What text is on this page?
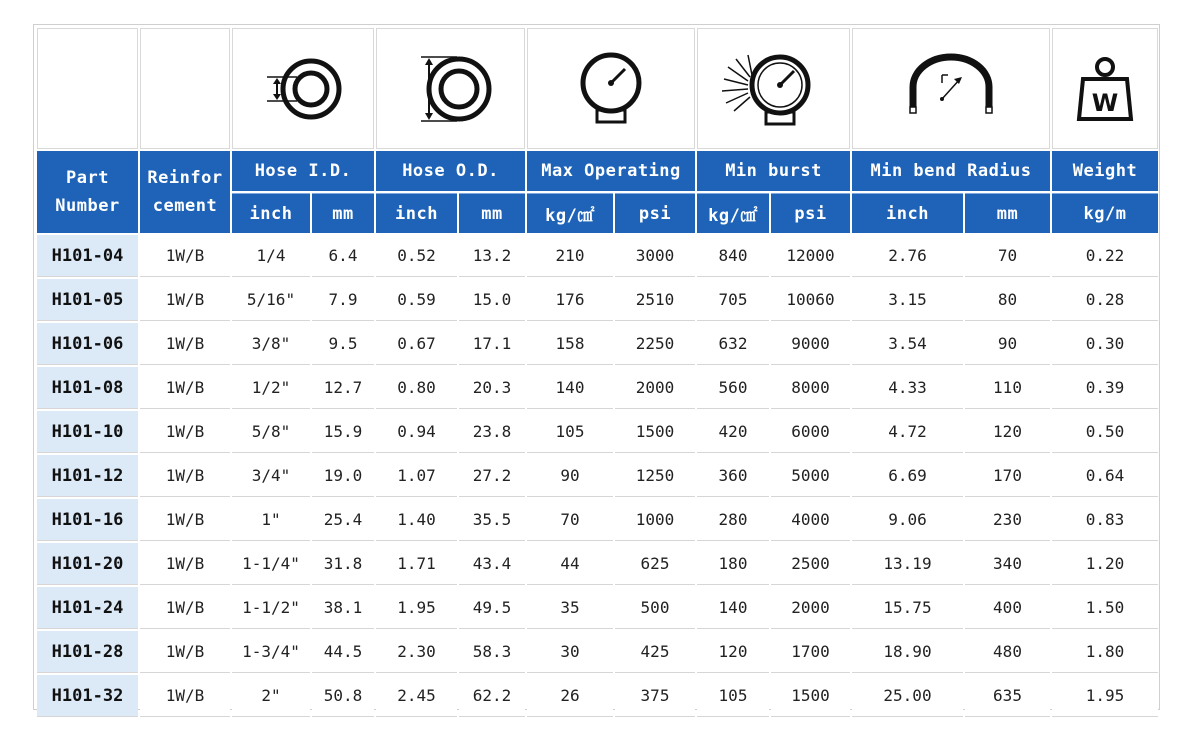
W

Part
Number	Reinfor
cement	Hose I.D.		Hose O.D.		Max Operating		Min burst		Min bend Radius		Weight
		inch	mm	inch	mm	kg/㎠	psi	kg/㎠	psi	inch	mm	kg/m
H101-04	1W/B	1/4	6.4	0.52	13.2	210	3000	840	12000	2.76	70	0.22
H101-05	1W/B	5/16"	7.9	0.59	15.0	176	2510	705	10060	3.15	80	0.28
H101-06	1W/B	3/8"	9.5	0.67	17.1	158	2250	632	9000	3.54	90	0.30
H101-08	1W/B	1/2"	12.7	0.80	20.3	140	2000	560	8000	4.33	110	0.39
H101-10	1W/B	5/8"	15.9	0.94	23.8	105	1500	420	6000	4.72	120	0.50
H101-12	1W/B	3/4"	19.0	1.07	27.2	90	1250	360	5000	6.69	170	0.64
H101-16	1W/B	1"	25.4	1.40	35.5	70	1000	280	4000	9.06	230	0.83
H101-20	1W/B	1-1/4"	31.8	1.71	43.4	44	625	180	2500	13.19	340	1.20
H101-24	1W/B	1-1/2"	38.1	1.95	49.5	35	500	140	2000	15.75	400	1.50
H101-28	1W/B	1-3/4"	44.5	2.30	58.3	30	425	120	1700	18.90	480	1.80
H101-32	1W/B	2"	50.8	2.45	62.2	26	375	105	1500	25.00	635	1.95
